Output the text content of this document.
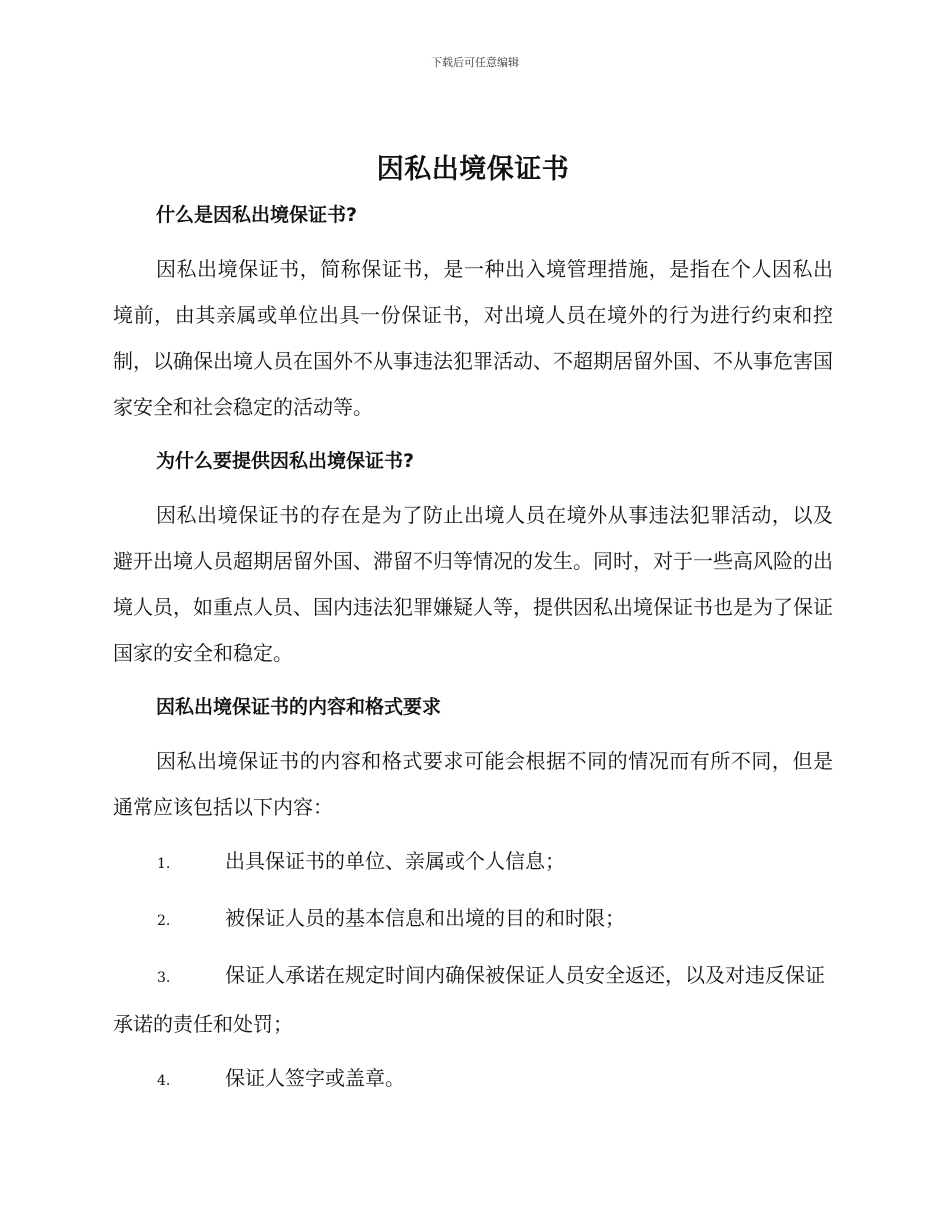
下载后可任意编辑
因私出境保证书

什么是因私出境保证书?

因私出境保证书，简称保证书，是一种出入境管理措施，是指在个人因私出境前，由其亲属或单位出具一份保证书，对出境人员在境外的行为进行约束和控制，以确保出境人员在国外不从事违法犯罪活动、不超期居留外国、不从事危害国家安全和社会稳定的活动等。

为什么要提供因私出境保证书?

因私出境保证书的存在是为了防止出境人员在境外从事违法犯罪活动，以及避开出境人员超期居留外国、滞留不归等情况的发生。同时，对于一些高风险的出境人员，如重点人员、国内违法犯罪嫌疑人等，提供因私出境保证书也是为了保证国家的安全和稳定。

因私出境保证书的内容和格式要求

因私出境保证书的内容和格式要求可能会根据不同的情况而有所不同，但是通常应该包括以下内容：

1.	出具保证书的单位、亲属或个人信息；

2.	被保证人员的基本信息和出境的目的和时限；

3.	保证人承诺在规定时间内确保被保证人员安全返还，以及对违反保证承诺的责任和处罚；

4.	保证人签字或盖章。
